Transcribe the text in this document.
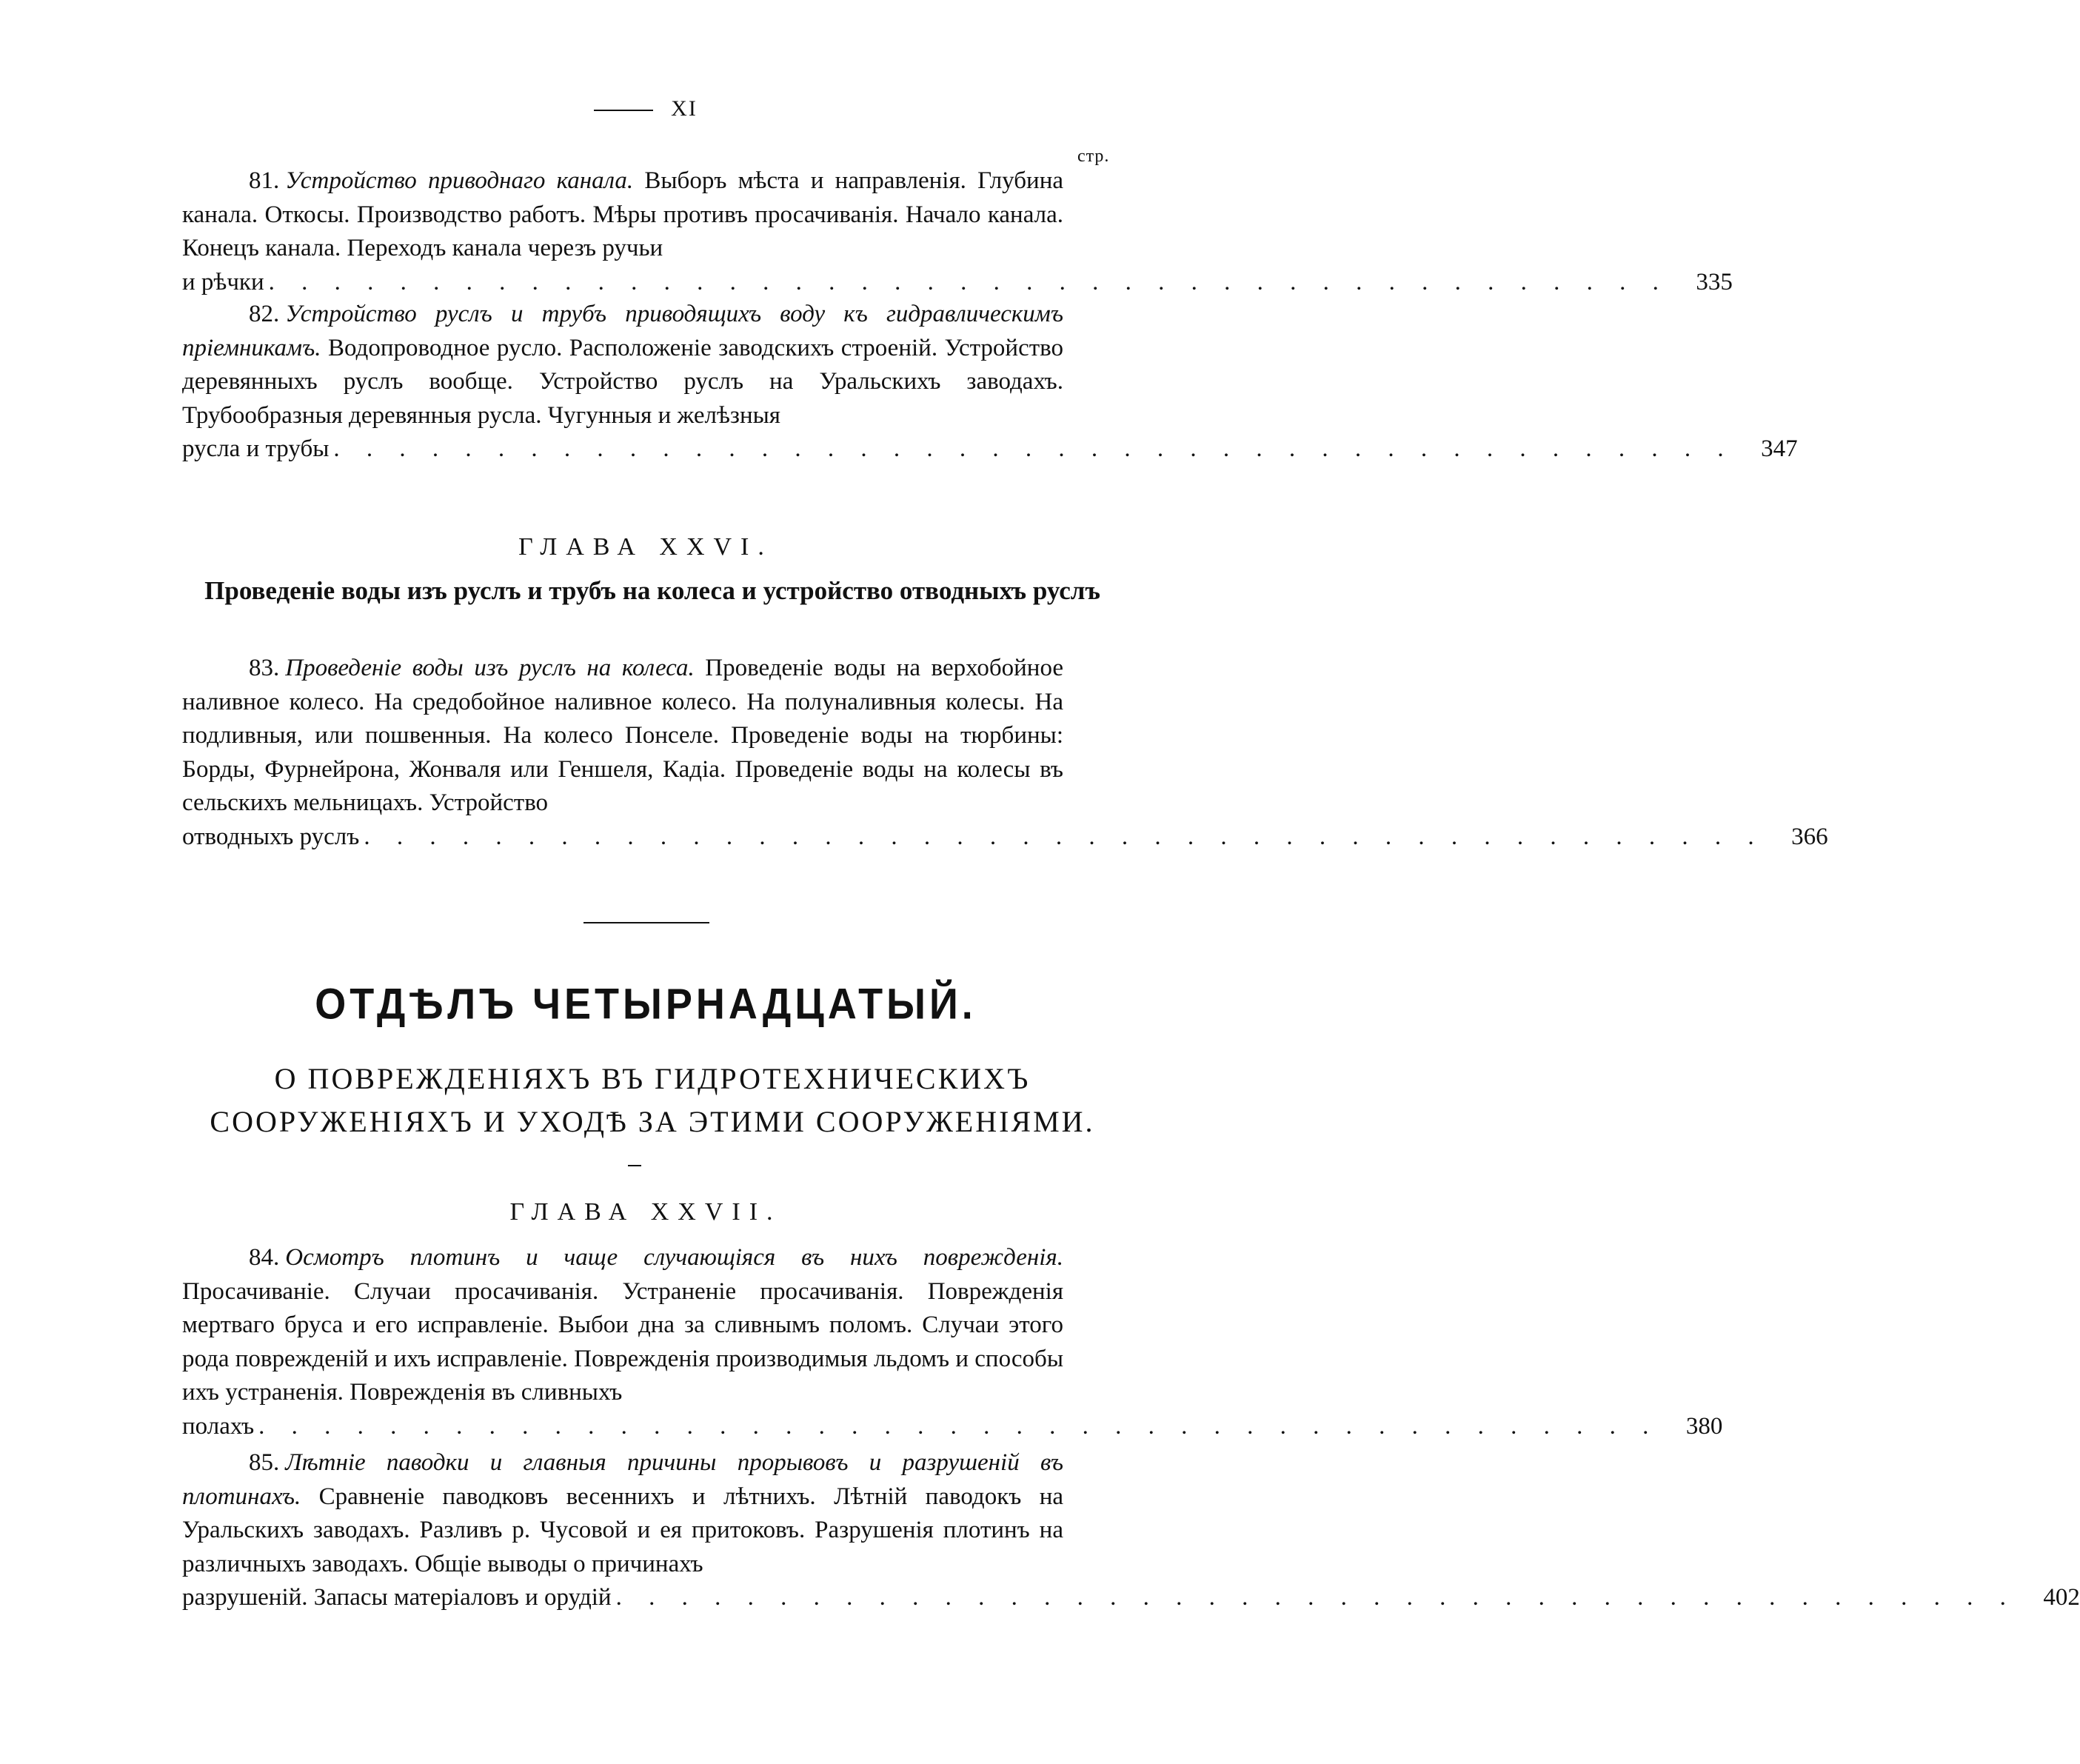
XI
стр.
81. Устройство приводнаго канала. Выборъ мѣста и направленія. Глубина канала. Откосы. Производство работъ. Мѣры противъ просачиванія. Начало канала. Конецъ канала. Переходъ канала черезъ ручьи
и рѣчки . . . . . . . . . . . . . . . . . . . . . . . . . . . . . . . . . . . . . . . . . . .	335
82. Устройство руслъ и трубъ приводящихъ воду къ гидравлическимъ пріемникамъ. Водопроводное русло. Расположеніе заводскихъ строеній. Устройство деревянныхъ руслъ вообще. Устройство руслъ на Уральскихъ заводахъ. Трубообразныя деревянныя русла. Чугунныя и желѣзныя
русла и трубы . . . . . . . . . . . . . . . . . . . . . . . . . . . . . . . . . . . . . . . . . . .	347
ГЛАВА XXVI.
Проведеніе воды изъ руслъ и трубъ на колеса и устройство отводныхъ руслъ
83. Проведеніе воды изъ руслъ на колеса. Проведеніе воды на верхобойное наливное колесо. На средобойное наливное колесо. На полуналивныя колесы. На подливныя, или пошвенныя. На колесо Понселе. Проведеніе воды на тюрбины: Борды, Фурнейрона, Жонваля или Геншеля, Кадіа. Проведеніе воды на колесы въ сельскихъ мельницахъ. Устройство
отводныхъ руслъ . . . . . . . . . . . . . . . . . . . . . . . . . . . . . . . . . . . . . . . . . . .	366
ОТДѢЛЪ ЧЕТЫРНАДЦАТЫЙ.
О ПОВРЕЖДЕНІЯХЪ ВЪ ГИДРОТЕХНИЧЕСКИХЪ СООРУЖЕНІЯХЪ И УХОДѢ ЗА ЭТИМИ СООРУЖЕНІЯМИ.
ГЛАВА XXVII.
84. Осмотръ плотинъ и чаще случающіяся въ нихъ поврежденія. Просачиваніе. Случаи просачиванія. Устраненіе просачиванія. Поврежденія мертваго бруса и его исправленіе. Выбои дна за сливнымъ поломъ. Случаи этого рода поврежденій и ихъ исправленіе. Поврежденія производимыя льдомъ и способы ихъ устраненія. Поврежденія въ сливныхъ
полахъ . . . . . . . . . . . . . . . . . . . . . . . . . . . . . . . . . . . . . . . . . . .	380
85. Лѣтніе паводки и главныя причины прорывовъ и разрушеній въ плотинахъ. Сравненіе паводковъ весеннихъ и лѣтнихъ. Лѣтній паводокъ на Уральскихъ заводахъ. Разливъ р. Чусовой и ея притоковъ. Разрушенія плотинъ на различныхъ заводахъ. Общіе выводы о причинахъ
разрушеній. Запасы матеріаловъ и орудій . . . . . . . . . . . . . . . . . . . . . . . . . . . . . . . . . . . . . . . . . . .	402
